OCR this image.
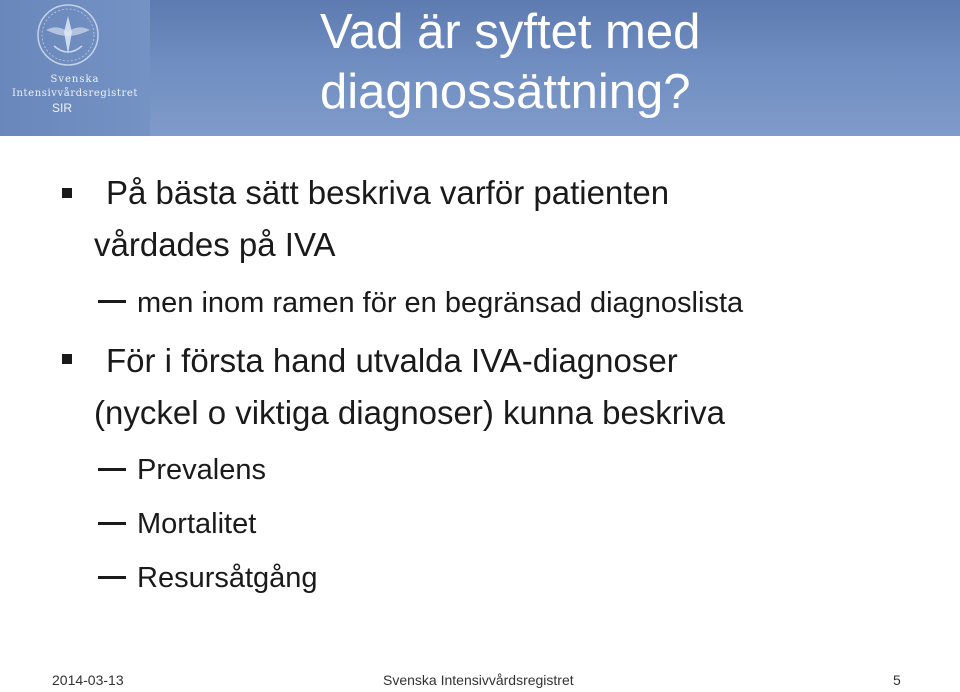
Svenska
Intensivvårdsregistret
SIR
Vad är syftet med
diagnossättning?
På bästa sätt beskriva varför patienten
vårdades på IVA
men inom ramen för en begränsad diagnoslista
För i första hand utvalda IVA-diagnoser
(nyckel o viktiga diagnoser) kunna beskriva
Prevalens
Mortalitet
Resursåtgång
2014-03-13	Svenska Intensivvårdsregistret	5
